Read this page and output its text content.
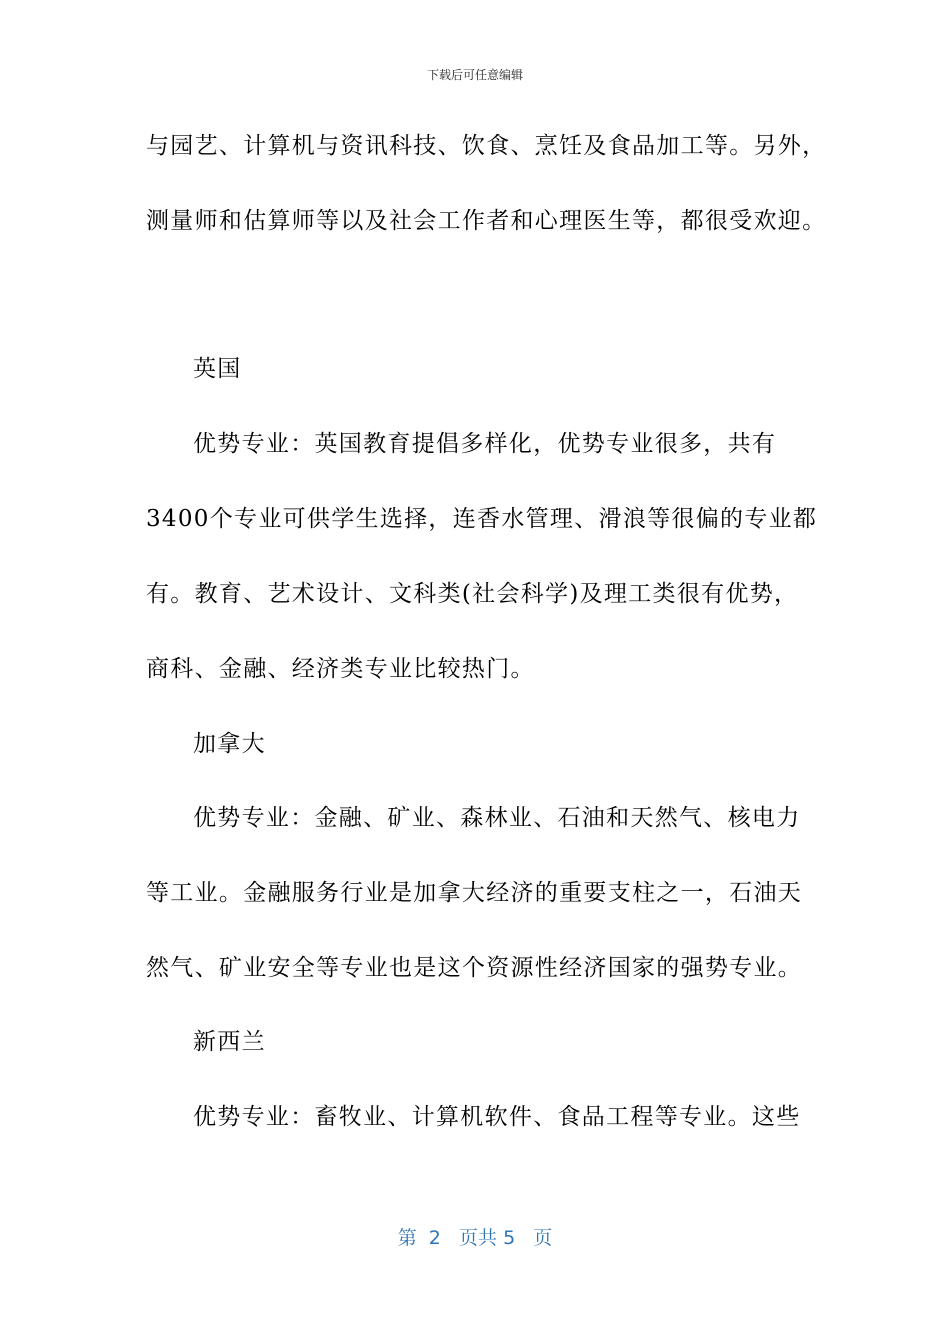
下载后可任意编辑
与园艺、计算机与资讯科技、饮食、烹饪及食品加工等。另外，
测量师和估算师等以及社会工作者和心理医生等，都很受欢迎。
英国
优势专业：英国教育提倡多样化，优势专业很多，共有
3400个专业可供学生选择，连香水管理、滑浪等很偏的专业都
有。教育、艺术设计、文科类(社会科学)及理工类很有优势，
商科、金融、经济类专业比较热门。
加拿大
优势专业：金融、矿业、森林业、石油和天然气、核电力
等工业。金融服务行业是加拿大经济的重要支柱之一，石油天
然气、矿业安全等专业也是这个资源性经济国家的强势专业。
新西兰
优势专业：畜牧业、计算机软件、食品工程等专业。这些
第 2 页共 5 页
